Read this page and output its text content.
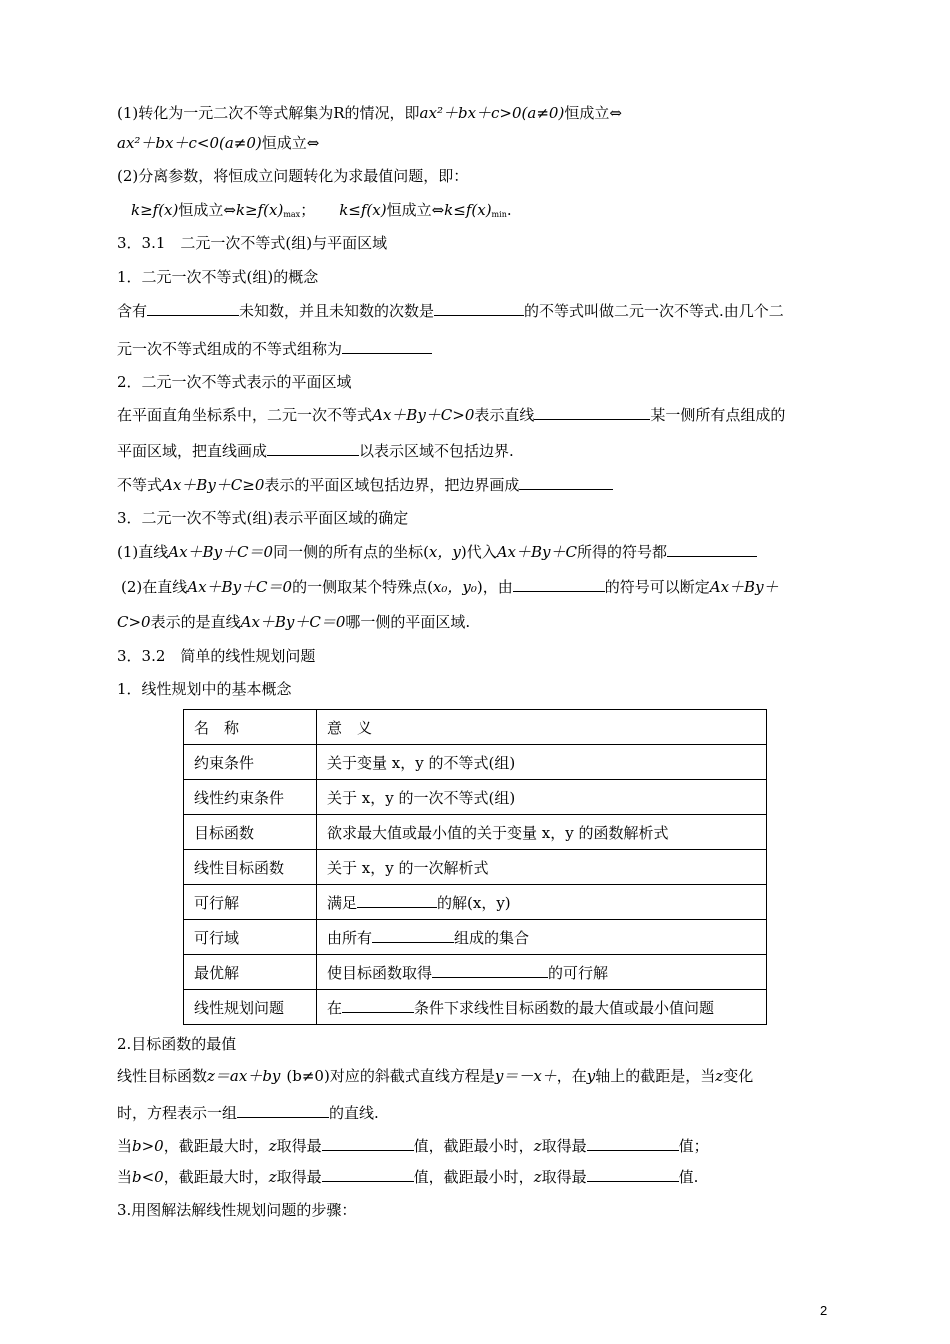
(1)转化为一元二次不等式解集为R的情况，即ax²＋bx＋c>0(a≠0)恒成立⇔
ax²＋bx＋c<0(a≠0)恒成立⇔
(2)分离参数，将恒成立问题转化为求最值问题，即：
k≥f(x)恒成立$\Leftrightarrow k\ge f(x)_{max}$； k≤f(x)恒成立$\Leftrightarrow k\le f(x)_{min}$.
3．3.1　二元一次不等式(组)与平面区域
1．二元一次不等式(组)的概念
含有	未知数，并且未知数的次数是	的不等式叫做二元一次不等式.由几个二
元一次不等式组成的不等式组称为
2．二元一次不等式表示的平面区域
在平面直角坐标系中，二元一次不等式Ax＋By＋C>0表示直线	某一侧所有点组成的
平面区域，把直线画成	以表示区域不包括边界.
不等式Ax＋By＋C≥0表示的平面区域包括边界，把边界画成
3．二元一次不等式(组)表示平面区域的确定
(1)直线Ax＋By＋C＝0同一侧的所有点的坐标(x，y)代入Ax＋By＋C所得的符号都
(2)在直线Ax＋By＋C＝0的一侧取某个特殊点(x₀，y₀)，由	的符号可以断定Ax＋By＋
C>0表示的是直线Ax＋By＋C＝0哪一侧的平面区域.
3．3.2　简单的线性规划问题
1．线性规划中的基本概念
名　称	意　义
约束条件	关于变量 x，y 的不等式(组)
线性约束条件	关于 x，y 的一次不等式(组)
目标函数	欲求最大值或最小值的关于变量 x，y 的函数解析式
线性目标函数	关于 x，y 的一次解析式
可行解	满足 的解(x，y)
可行域	由所有 组成的集合
最优解	使目标函数取得 的可行解
线性规划问题	在 条件下求线性目标函数的最大值或最小值问题
2.目标函数的最值
线性目标函数z＝ax＋by (b≠0)对应的斜截式直线方程是y＝－x＋，在y轴上的截距是，当z变化
时，方程表示一组	的直线.
当b>0，截距最大时，z取得最	值，截距最小时，z取得最	值；
当b<0，截距最大时，z取得最	值，截距最小时，z取得最	值.
3.用图解法解线性规划问题的步骤：
2
